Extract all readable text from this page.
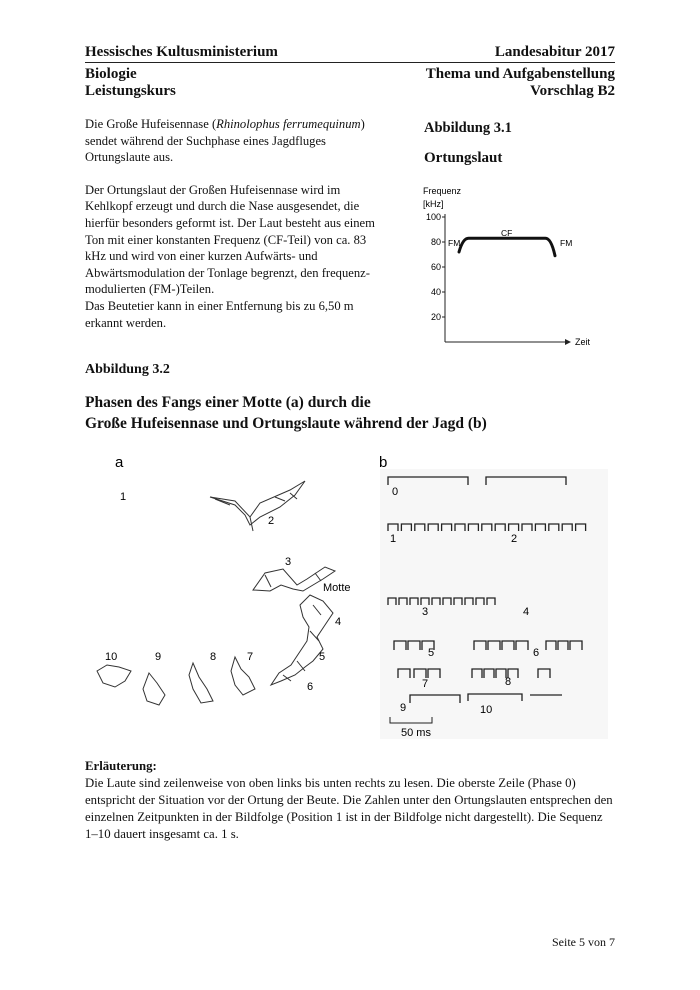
Hessisches Kultusministerium	Landesabitur 2017
Biologie
Leistungskurs
Thema und Aufgabenstellung
Vorschlag B2

Die Große Hufeisennase (Rhinolophus ferrumequinum) sendet während der Suchphase eines Jagdfluges Ortungslaute aus.

Der Ortungslaut der Großen Hufeisennase wird im Kehlkopf erzeugt und durch die Nase ausgesendet, die hierfür besonders geformt ist. Der Laut besteht aus einem Ton mit einer konstanten Frequenz (CF-Teil) von ca. 83 kHz und wird von einer kurzen Aufwärts- und Abwärtsmodulation der Tonlage begrenzt, den frequenz-modulierten (FM-)Teilen.

Das Beutetier kann in einer Entfernung bis zu 6,50 m erkannt werden.

Abbildung 3.1
Ortungslaut
Frequenz
[kHz]
Zeit
100
80
60
40
20
FM
CF
FM
Abbildung 3.2
Phasen des Fangs einer Motte (a) durch die
Große Hufeisennase und Ortungslaute während der Jagd (b)
a
1
2
3
Motte
4
5
6
7
8
9
10
b
0
1	2
3	4
5	6
7	8
9	10
50 ms
Erläuterung:
Die Laute sind zeilenweise von oben links bis unten rechts zu lesen. Die oberste Zeile (Phase 0) entspricht der Situation vor der Ortung der Beute. Die Zahlen unter den Ortungslauten entsprechen den einzelnen Zeitpunkten in der Bildfolge (Position 1 ist in der Bildfolge nicht dargestellt). Die Sequenz 1–10 dauert insgesamt ca. 1 s.
Seite 5 von 7
